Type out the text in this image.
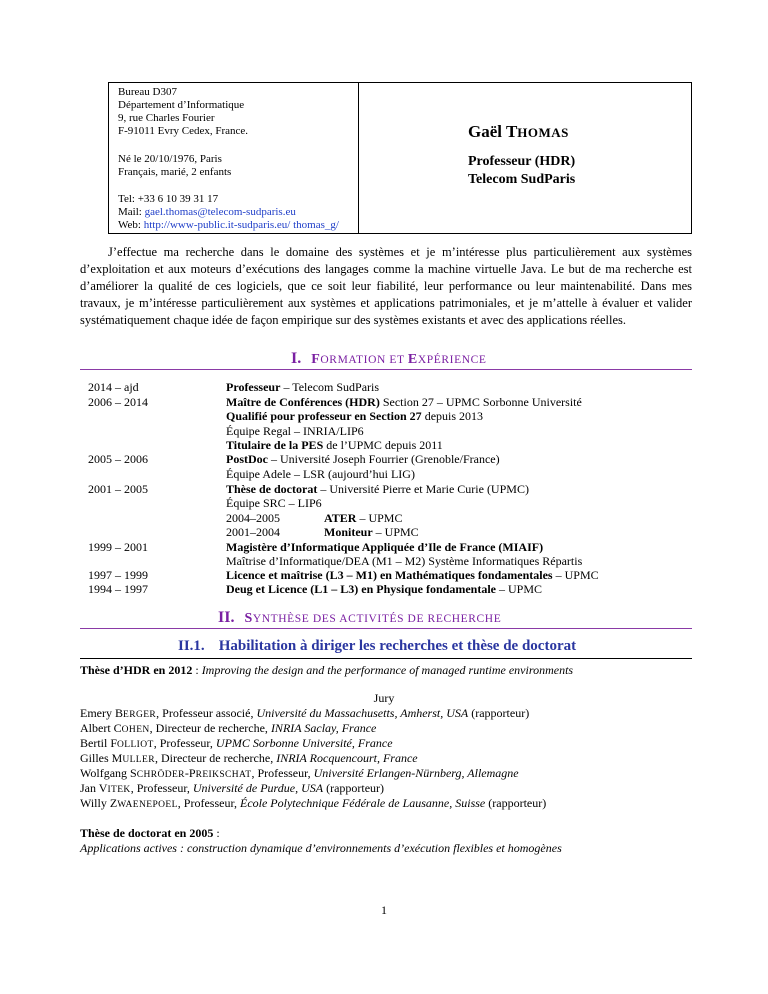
Bureau D307
Département d’Informatique
9, rue Charles Fourier
F-91011 Evry Cedex, France.
Né le 20/10/1976, Paris
Français, marié, 2 enfants
Tel: +33 6 10 39 31 17
Mail: gael.thomas@telecom-sudparis.eu
Web: http://www-public.it-sudparis.eu/ thomas_g/
Gaël THOMAS
Professeur (HDR)
Telecom SudParis

J’effectue ma recherche dans le domaine des systèmes et je m’intéresse plus particulièrement aux systèmes d’exploitation et aux moteurs d’exécutions des langages comme la machine virtuelle Java. Le but de ma recherche est d’améliorer la qualité de ces logiciels, que ce soit leur fiabilité, leur performance ou leur maintenabilité. Dans mes travaux, je m’intéresse particulièrement aux systèmes et applications patrimoniales, et je m’attelle à évaluer et valider systématiquement chaque idée de façon empirique sur des systèmes existants et avec des applications réelles.

I. FORMATION ET EXPÉRIENCE
2014 – ajd
2006 – 2014
2005 – 2006
2001 – 2005
1999 – 2001
1997 – 1999
1994 – 1997
Professeur – Telecom SudParis
Maître de Conférences (HDR) Section 27 – UPMC Sorbonne Université
Qualifié pour professeur en Section 27 depuis 2013
Équipe Regal – INRIA/LIP6
Titulaire de la PES de l’UPMC depuis 2011
PostDoc – Université Joseph Fourrier (Grenoble/France)
Équipe Adele – LSR (aujourd’hui LIG)
Thèse de doctorat – Université Pierre et Marie Curie (UPMC)
Équipe SRC – LIP6
2004–2005	ATER – UPMC
2001–2004	Moniteur – UPMC
Magistère d’Informatique Appliquée d’Ile de France (MIAIF)
Maîtrise d’Informatique/DEA (M1 – M2) Système Informatiques Répartis
Licence et maîtrise (L3 – M1) en Mathématiques fondamentales – UPMC
Deug et Licence (L1 – L3) en Physique fondamentale – UPMC
II. SYNTHÈSE DES ACTIVITÉS DE RECHERCHE
II.1. Habilitation à diriger les recherches et thèse de doctorat
Thèse d’HDR en 2012 : Improving the design and the performance of managed runtime environments
Jury
Emery BERGER, Professeur associé, Université du Massachusetts, Amherst, USA (rapporteur)
Albert COHEN, Directeur de recherche, INRIA Saclay, France
Bertil FOLLIOT, Professeur, UPMC Sorbonne Université, France
Gilles MULLER, Directeur de recherche, INRIA Rocquencourt, France
Wolfgang SCHRÖDER-PREIKSCHAT, Professeur, Université Erlangen-Nürnberg, Allemagne
Jan VITEK, Professeur, Université de Purdue, USA (rapporteur)
Willy ZWAENEPOEL, Professeur, École Polytechnique Fédérale de Lausanne, Suisse (rapporteur)
Thèse de doctorat en 2005 :
Applications actives : construction dynamique d’environnements d’exécution flexibles et homogènes
1
